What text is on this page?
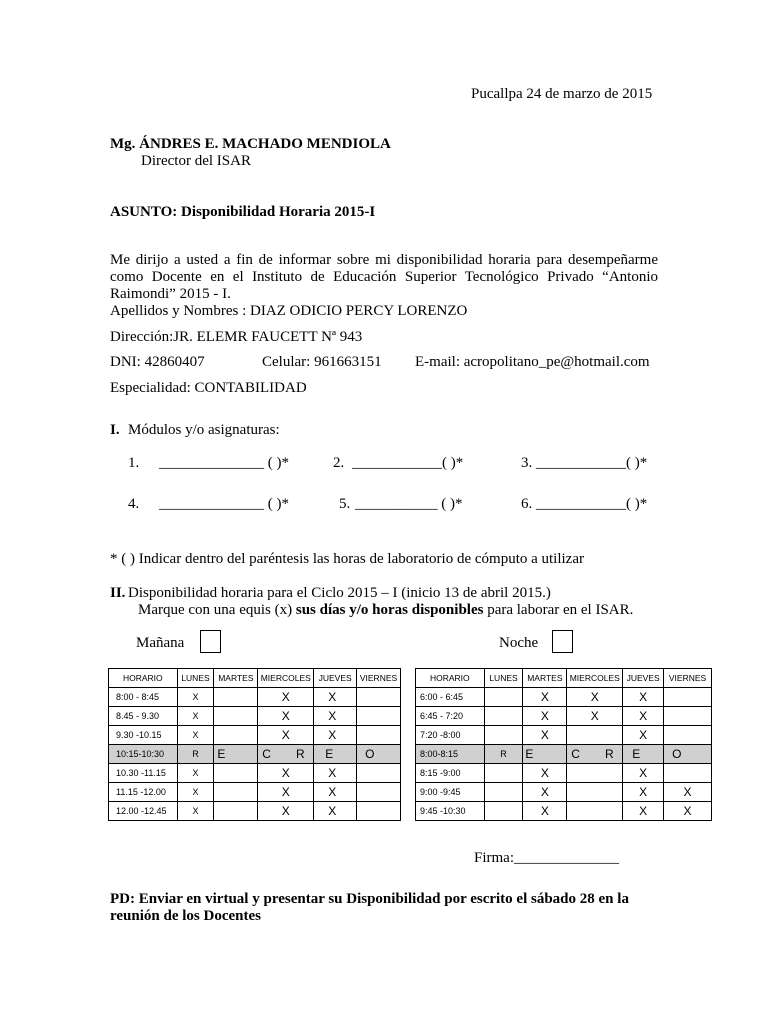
Pucallpa 24 de marzo de 2015
Mg. ÁNDRES E. MACHADO MENDIOLA
Director del ISAR
ASUNTO: Disponibilidad Horaria 2015-I
Me dirijo a usted a fin de informar sobre mi disponibilidad horaria para desempeñarme como Docente en el Instituto de Educación Superior Tecnológico Privado “Antonio Raimondi” 2015 - I.
Apellidos y Nombres : DIAZ ODICIO PERCY LORENZO
Dirección:JR. ELEMR FAUCETT Nª 943
DNI: 42860407	Celular: 961663151 E-mail: acropolitano_pe@hotmail.com
Especialidad: CONTABILIDAD
I. Módulos y/o asignaturas:
1. ______________ ( )*	2. ____________( )*	3. ____________( )*
4. ______________ ( )*	5. ___________ ( )*	6. ____________( )*
* ( ) Indicar dentro del paréntesis las horas de laboratorio de cómputo a utilizar
II. Disponibilidad horaria para el Ciclo 2015 – I (inicio 13 de abril 2015.)
Marque con una equis (x) sus días y/o horas disponibles para laborar en el ISAR.
Mañana	Noche
HORARIO	LUNES	MARTES	MIERCOLES	JUEVES	VIERNES
8:00 - 8:45	X		X	X	
8.45 - 9.30	X		X	X	
9.30 -10.15	X		X	X	
10:15-10:30	R	E	C R	E	O
10.30 -11.15	X		X	X	
11.15 -12.00	X		X	X	
12.00 -12.45	X		X	X	
HORARIO	LUNES	MARTES	MIERCOLES	JUEVES	VIERNES
6:00 - 6:45		X	X	X	
6:45 - 7:20		X	X	X	
7:20 -8:00		X		X	
8:00-8:15	R	E	C R	E	O
8:15 -9:00		X		X	
9:00 -9:45		X		X	X
9:45 -10:30		X		X	X
Firma:______________
PD: Enviar en virtual y presentar su Disponibilidad por escrito el sábado 28 en la reunión de los Docentes
